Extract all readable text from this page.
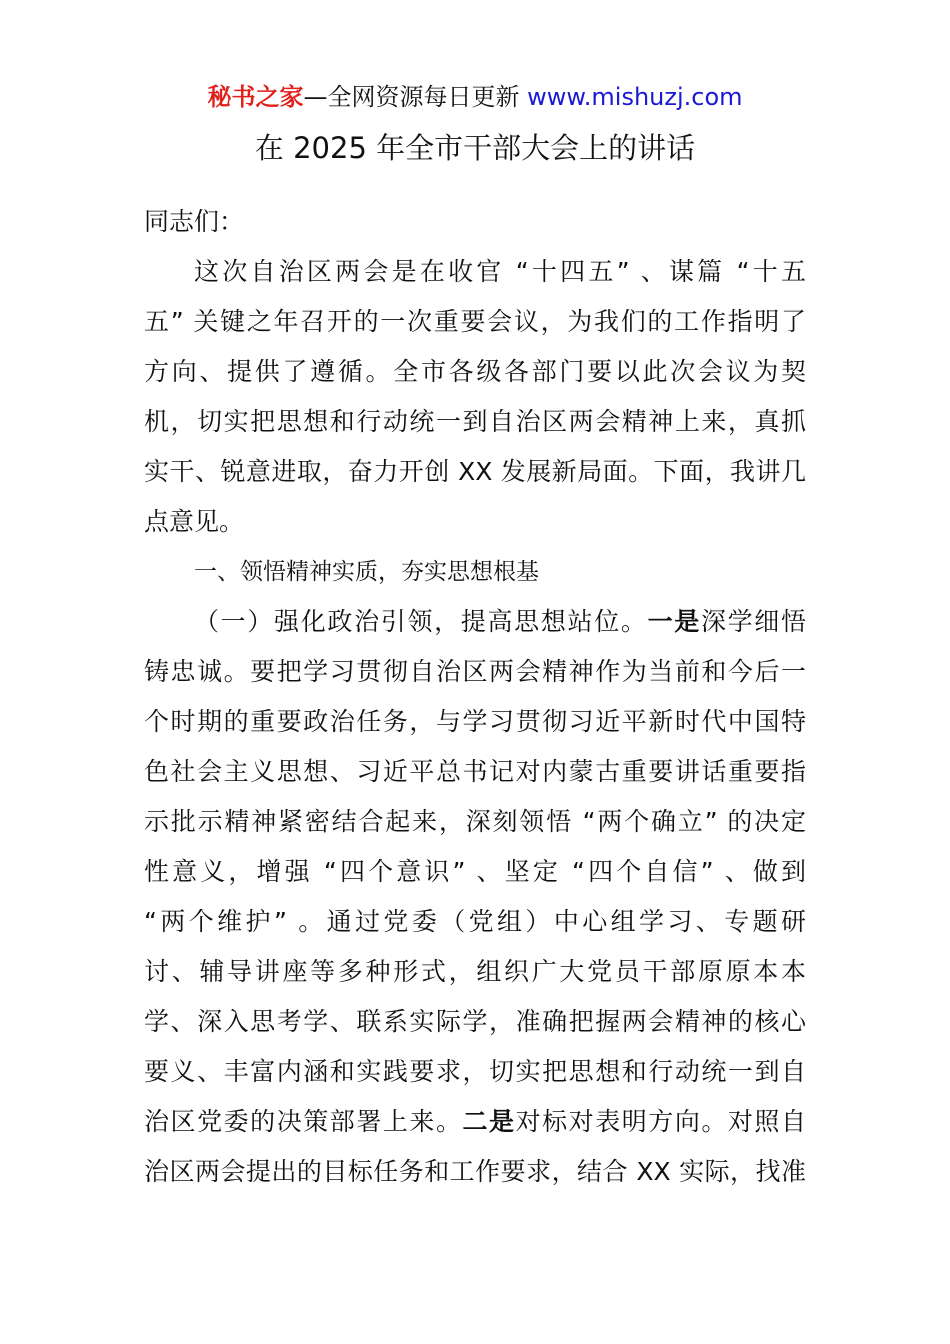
秘书之家—全网资源每日更新 www.mishuzj.com
在 2025 年全市干部大会上的讲话
同志们：
这次自治区两会是在收官 “十四五” 、谋篇 “十五
五” 关键之年召开的一次重要会议，为我们的工作指明了
方向、提供了遵循。全市各级各部门要以此次会议为契
机，切实把思想和行动统一到自治区两会精神上来，真抓
实干、锐意进取，奋力开创 XX 发展新局面。下面，我讲几
点意见。
一、领悟精神实质，夯实思想根基
（一）强化政治引领，提高思想站位。一是深学细悟
铸忠诚。要把学习贯彻自治区两会精神作为当前和今后一
个时期的重要政治任务，与学习贯彻习近平新时代中国特
色社会主义思想、习近平总书记对内蒙古重要讲话重要指
示批示精神紧密结合起来，深刻领悟 “两个确立” 的决定
性意义，增强 “四个意识” 、坚定 “四个自信” 、做到
“两个维护” 。通过党委（党组）中心组学习、专题研
讨、辅导讲座等多种形式，组织广大党员干部原原本本
学、深入思考学、联系实际学，准确把握两会精神的核心
要义、丰富内涵和实践要求，切实把思想和行动统一到自
治区党委的决策部署上来。二是对标对表明方向。对照自
治区两会提出的目标任务和工作要求，结合 XX 实际，找准
